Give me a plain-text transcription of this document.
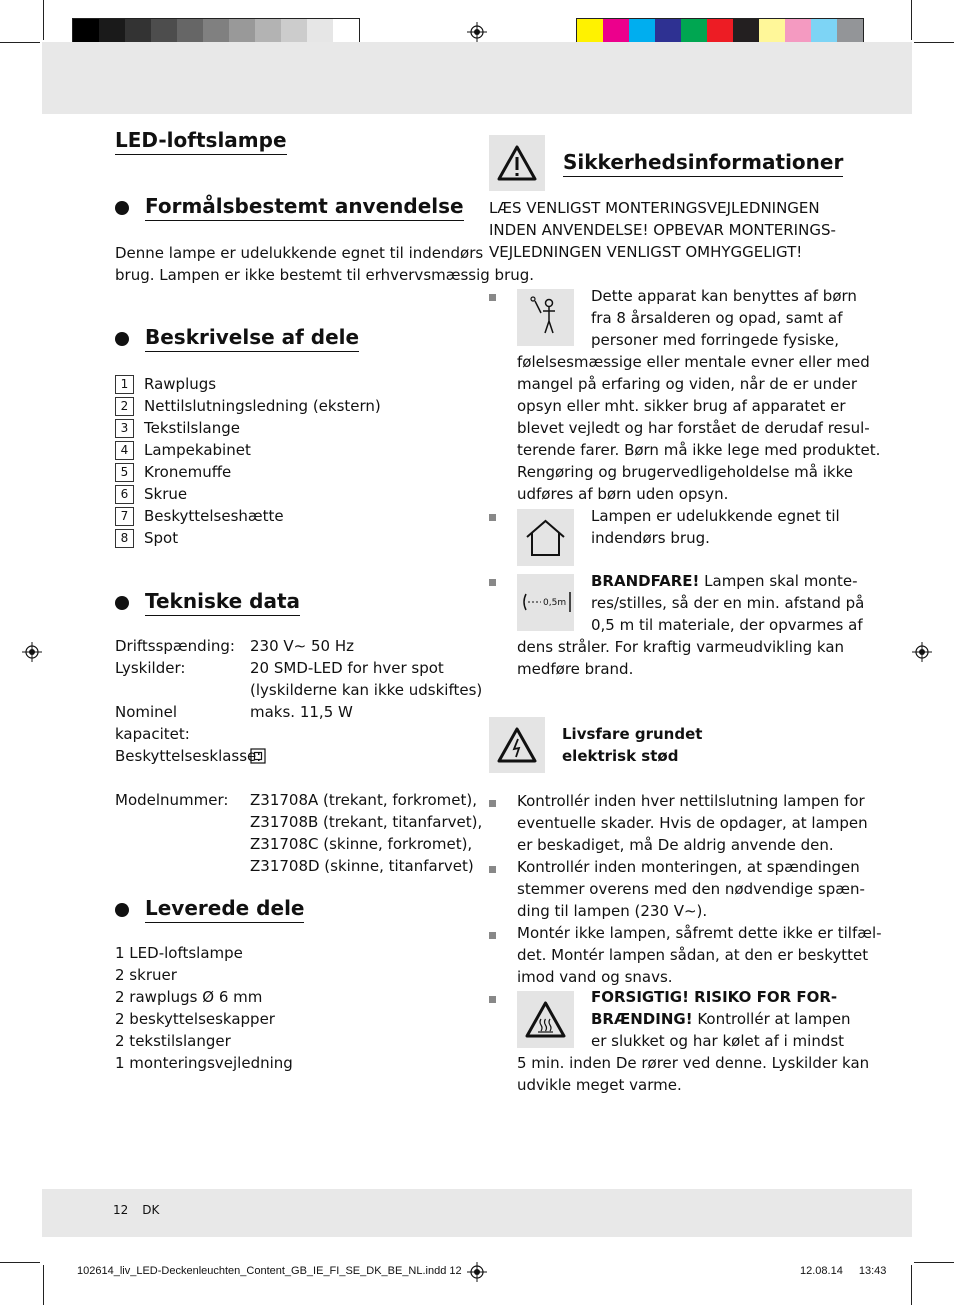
LED-loftslampe
Formålsbestemt anvendelse
Denne lampe er udelukkende egnet til indendørs
brug. Lampen er ikke bestemt til erhvervsmæssig brug.
Beskrivelse af dele
1	Rawplugs
2	Nettilslutningsledning (ekstern)
3	Tekstilslange
4	Lampekabinet
5	Kronemuffe
6	Skrue
7	Beskyttelseshætte
8	Spot
Tekniske data
Driftsspænding:	230 V∼ 50 Hz
Lyskilder:	20 SMD-LED for hver spot
(lyskilderne kan ikke udskiftes)
Nominel kapacitet:
maks. 11,5 W
Beskyttelsesklasse:
Modelnummer:	Z31708A (trekant, forkromet),
Z31708B (trekant, titanfarvet),
Z31708C (skinne, forkromet),
Z31708D (skinne, titanfarvet)
Leverede dele
1 LED-loftslampe
2 skruer
2 rawplugs Ø 6 mm
2 beskyttelseskapper
2 tekstilslanger
1 monteringsvejledning
Sikkerhedsinformationer
LÆS VENLIGST MONTERINGSVEJLEDNINGEN
INDEN ANVENDELSE! OPBEVAR MONTERINGS-
VEJLEDNINGEN VENLIGST OMHYGGELIGT!
Dette apparat kan benyttes af børn
fra 8 årsalderen og opad, samt af
personer med forringede fysiske,
følelsesmæssige eller mentale evner eller med
mangel på erfaring og viden, når de er under
opsyn eller mht. sikker brug af apparatet er
blevet vejledt og har forstået de derudaf resul-
terende farer. Børn må ikke lege med produktet.
Rengøring og brugervedligeholdelse må ikke
udføres af børn uden opsyn.
Lampen er udelukkende egnet til
indendørs brug.
0,5m
BRANDFARE! Lampen skal monte-
res/stilles, så der en min. afstand på
0,5 m til materiale, der opvarmes af
dens stråler. For kraftig varmeudvikling kan
medføre brand.
Livsfare grundet
elektrisk stød
Kontrollér inden hver nettilslutning lampen for
eventuelle skader. Hvis de opdager, at lampen
er beskadiget, må De aldrig anvende den.
Kontrollér inden monteringen, at spændingen
stemmer overens med den nødvendige spæn-
ding til lampen (230 V∼).
Montér ikke lampen, såfremt dette ikke er tilfæl-
det. Montér lampen sådan, at den er beskyttet
imod vand og snavs.
FORSIGTIG! RISIKO FOR FOR-
BRÆNDING! Kontrollér at lampen
er slukket og har kølet af i mindst
5 min. inden De rører ved denne. Lyskilder kan
udvikle meget varme.
12 DK
102614_liv_LED-Deckenleuchten_Content_GB_IE_FI_SE_DK_BE_NL.indd 12	12.08.14 13:43
